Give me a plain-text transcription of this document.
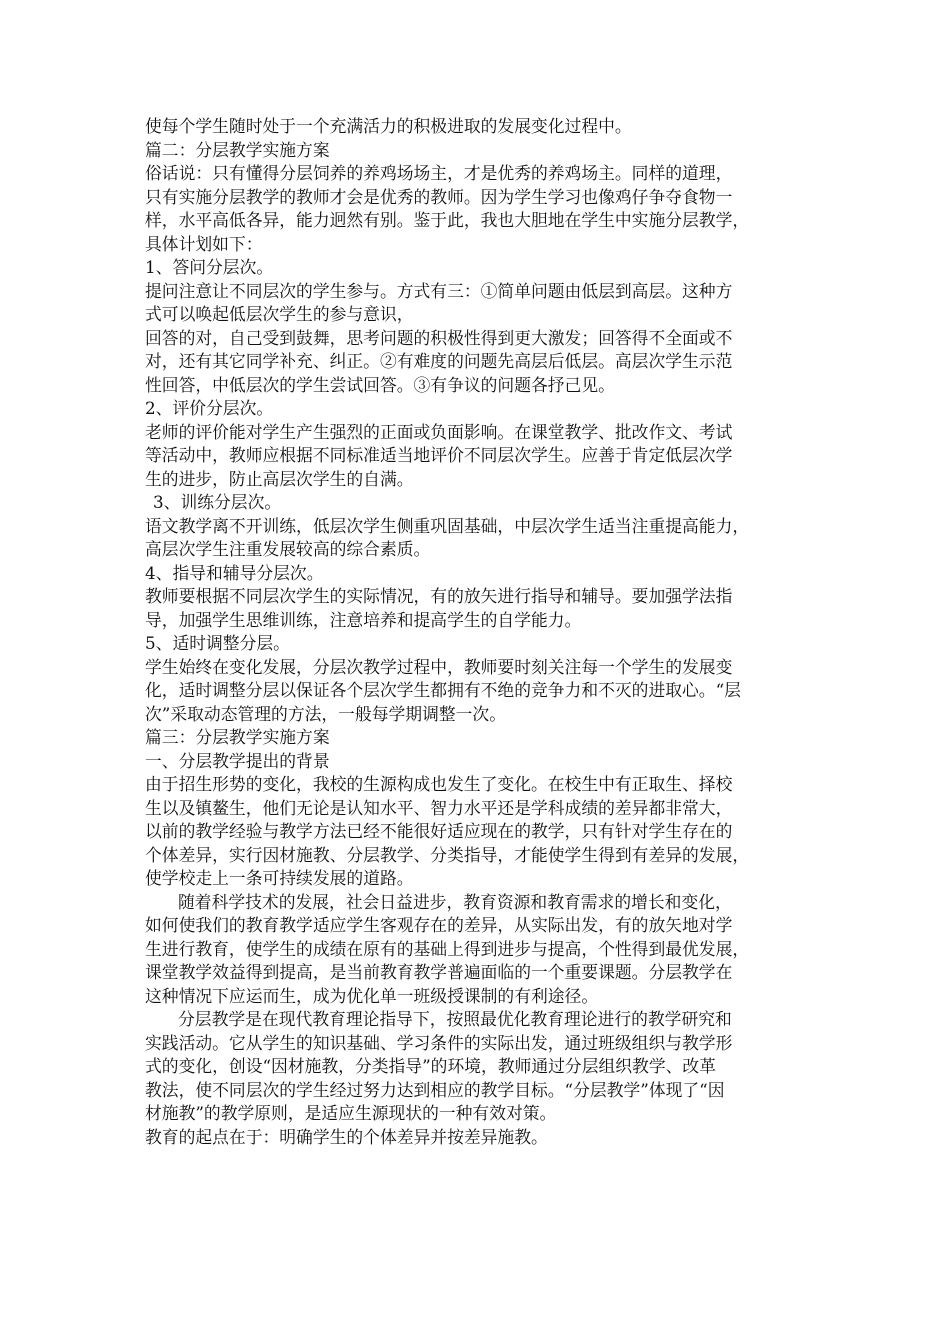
使每个学生随时处于一个充满活力的积极进取的发展变化过程中。
篇二：分层教学实施方案
俗话说：只有懂得分层饲养的养鸡场场主，才是优秀的养鸡场主。同样的道理，
只有实施分层教学的教师才会是优秀的教师。因为学生学习也像鸡仔争夺食物一
样，水平高低各异，能力迥然有别。鉴于此，我也大胆地在学生中实施分层教学，
具体计划如下：
1、答问分层次。
提问注意让不同层次的学生参与。方式有三：①简单问题由低层到高层。这种方
式可以唤起低层次学生的参与意识，
回答的对，自己受到鼓舞，思考问题的积极性得到更大激发；回答得不全面或不
对，还有其它同学补充、纠正。②有难度的问题先高层后低层。高层次学生示范
性回答，中低层次的学生尝试回答。③有争议的问题各抒己见。
2、评价分层次。
老师的评价能对学生产生强烈的正面或负面影响。在课堂教学、批改作文、考试
等活动中，教师应根据不同标准适当地评价不同层次学生。应善于肯定低层次学
生的进步，防止高层次学生的自满。
3、训练分层次。
语文教学离不开训练，低层次学生侧重巩固基础，中层次学生适当注重提高能力，
高层次学生注重发展较高的综合素质。
4、指导和辅导分层次。
教师要根据不同层次学生的实际情况，有的放矢进行指导和辅导。要加强学法指
导，加强学生思维训练，注意培养和提高学生的自学能力。
5、适时调整分层。
学生始终在变化发展，分层次教学过程中，教师要时刻关注每一个学生的发展变
化，适时调整分层以保证各个层次学生都拥有不绝的竞争力和不灭的进取心。“层
次”采取动态管理的方法，一般每学期调整一次。
篇三：分层教学实施方案
一、分层教学提出的背景
由于招生形势的变化，我校的生源构成也发生了变化。在校生中有正取生、择校
生以及镇鳌生，他们无论是认知水平、智力水平还是学科成绩的差异都非常大，
以前的教学经验与教学方法已经不能很好适应现在的教学，只有针对学生存在的
个体差异，实行因材施教、分层教学、分类指导，才能使学生得到有差异的发展，
使学校走上一条可持续发展的道路。
随着科学技术的发展，社会日益进步，教育资源和教育需求的增长和变化，
如何使我们的教育教学适应学生客观存在的差异，从实际出发，有的放矢地对学
生进行教育，使学生的成绩在原有的基础上得到进步与提高，个性得到最优发展，
课堂教学效益得到提高，是当前教育教学普遍面临的一个重要课题。分层教学在
这种情况下应运而生，成为优化单一班级授课制的有利途径。
分层教学是在现代教育理论指导下，按照最优化教育理论进行的教学研究和
实践活动。它从学生的知识基础、学习条件的实际出发，通过班级组织与教学形
式的变化，创设“因材施教，分类指导”的环境，教师通过分层组织教学、改革
教法，使不同层次的学生经过努力达到相应的教学目标。“分层教学”体现了“因
材施教”的教学原则，是适应生源现状的一种有效对策。
教育的起点在于：明确学生的个体差异并按差异施教。
